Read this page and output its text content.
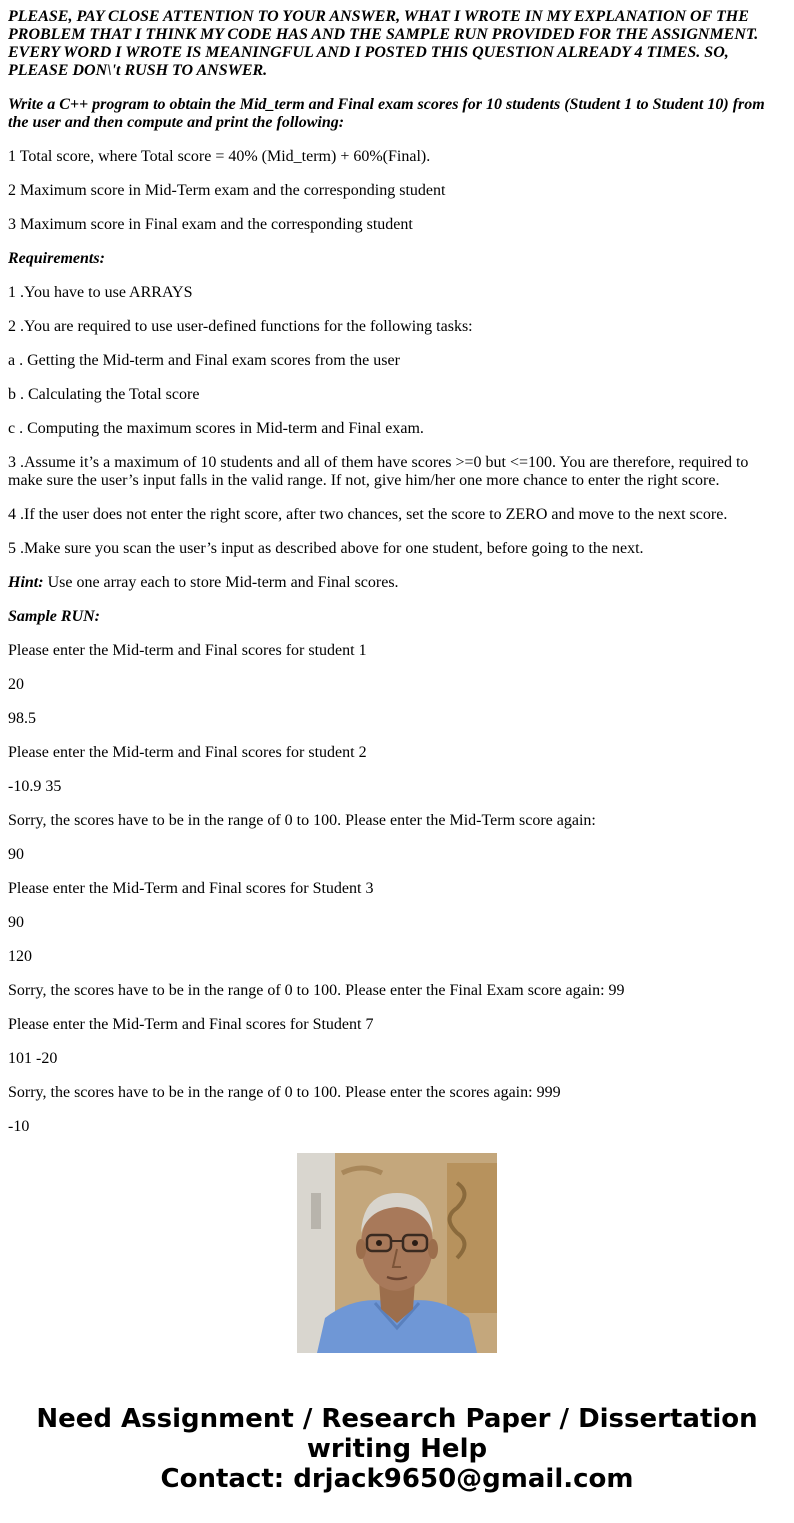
PLEASE, PAY CLOSE ATTENTION TO YOUR ANSWER, WHAT I WROTE IN MY EXPLANATION OF THE PROBLEM THAT I THINK MY CODE HAS AND THE SAMPLE RUN PROVIDED FOR THE ASSIGNMENT. EVERY WORD I WROTE IS MEANINGFUL AND I POSTED THIS QUESTION ALREADY 4 TIMES. SO, PLEASE DON\'t RUSH TO ANSWER.

Write a C++ program to obtain the Mid_term and Final exam scores for 10 students (Student 1 to Student 10) from the user and then compute and print the following:

1 Total score, where Total score = 40% (Mid_term) + 60%(Final).

2 Maximum score in Mid-Term exam and the corresponding student

3 Maximum score in Final exam and the corresponding student

Requirements:

1 .You have to use ARRAYS

2 .You are required to use user-defined functions for the following tasks:

a . Getting the Mid-term and Final exam scores from the user

b . Calculating the Total score

c . Computing the maximum scores in Mid-term and Final exam.

3 .Assume it’s a maximum of 10 students and all of them have scores >=0 but <=100. You are therefore, required to make sure the user’s input falls in the valid range. If not, give him/her one more chance to enter the right score.

4 .If the user does not enter the right score, after two chances, set the score to ZERO and move to the next score.

5 .Make sure you scan the user’s input as described above for one student, before going to the next.

Hint: Use one array each to store Mid-term and Final scores.

Sample RUN:

Please enter the Mid-term and Final scores for student 1

20

98.5

Please enter the Mid-term and Final scores for student 2

-10.9 35

Sorry, the scores have to be in the range of 0 to 100. Please enter the Mid-Term score again:

90

Please enter the Mid-Term and Final scores for Student 3

90

120

Sorry, the scores have to be in the range of 0 to 100. Please enter the Final Exam score again: 99

Please enter the Mid-Term and Final scores for Student 7

101 -20

Sorry, the scores have to be in the range of 0 to 100. Please enter the scores again: 999

-10

Need Assignment / Research Paper / Dissertation
writing Help
Contact: drjack9650@gmail.com
